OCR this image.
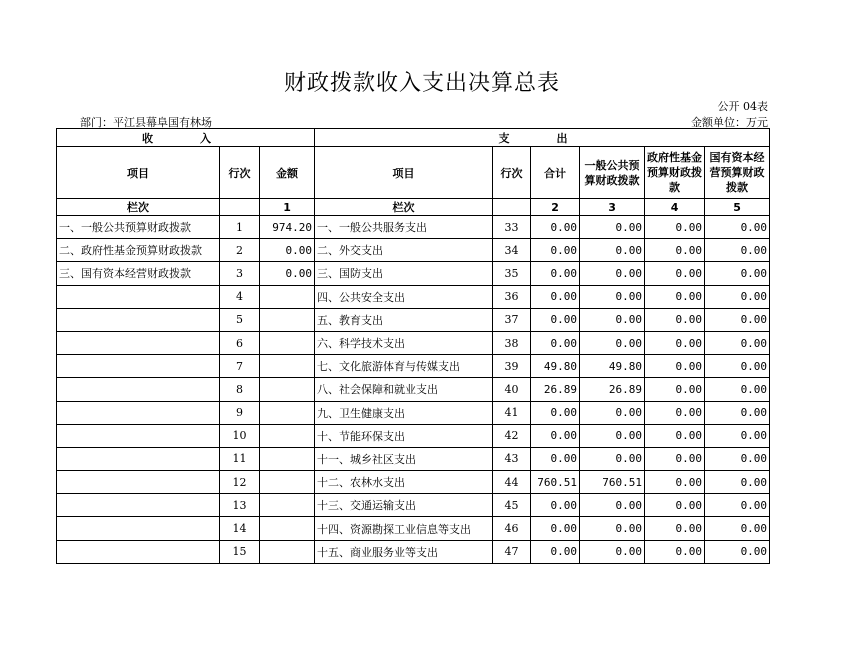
财政拨款收入支出决算总表
公开 04表
部门：平江县幕阜国有林场	金额单位：万元
收　入			支　出					
项目	行次	金额	项目	行次	合计	一般公共预算财政拨款	政府性基金预算财政拨款	国有资本经营预算财政拨款
栏次		1	栏次		2	3	4	5
一、一般公共预算财政拨款	1	974.20	一、一般公共服务支出	33	0.00	0.00	0.00	0.00
二、政府性基金预算财政拨款	2	0.00	二、外交支出	34	0.00	0.00	0.00	0.00
三、国有资本经营财政拨款	3	0.00	三、国防支出	35	0.00	0.00	0.00	0.00
	4		四、公共安全支出	36	0.00	0.00	0.00	0.00
	5		五、教育支出	37	0.00	0.00	0.00	0.00
	6		六、科学技术支出	38	0.00	0.00	0.00	0.00
	7		七、文化旅游体育与传媒支出	39	49.80	49.80	0.00	0.00
	8		八、社会保障和就业支出	40	26.89	26.89	0.00	0.00
	9		九、卫生健康支出	41	0.00	0.00	0.00	0.00
	10		十、节能环保支出	42	0.00	0.00	0.00	0.00
	11		十一、城乡社区支出	43	0.00	0.00	0.00	0.00
	12		十二、农林水支出	44	760.51	760.51	0.00	0.00
	13		十三、交通运输支出	45	0.00	0.00	0.00	0.00
	14		十四、资源勘探工业信息等支出	46	0.00	0.00	0.00	0.00
	15		十五、商业服务业等支出	47	0.00	0.00	0.00	0.00
